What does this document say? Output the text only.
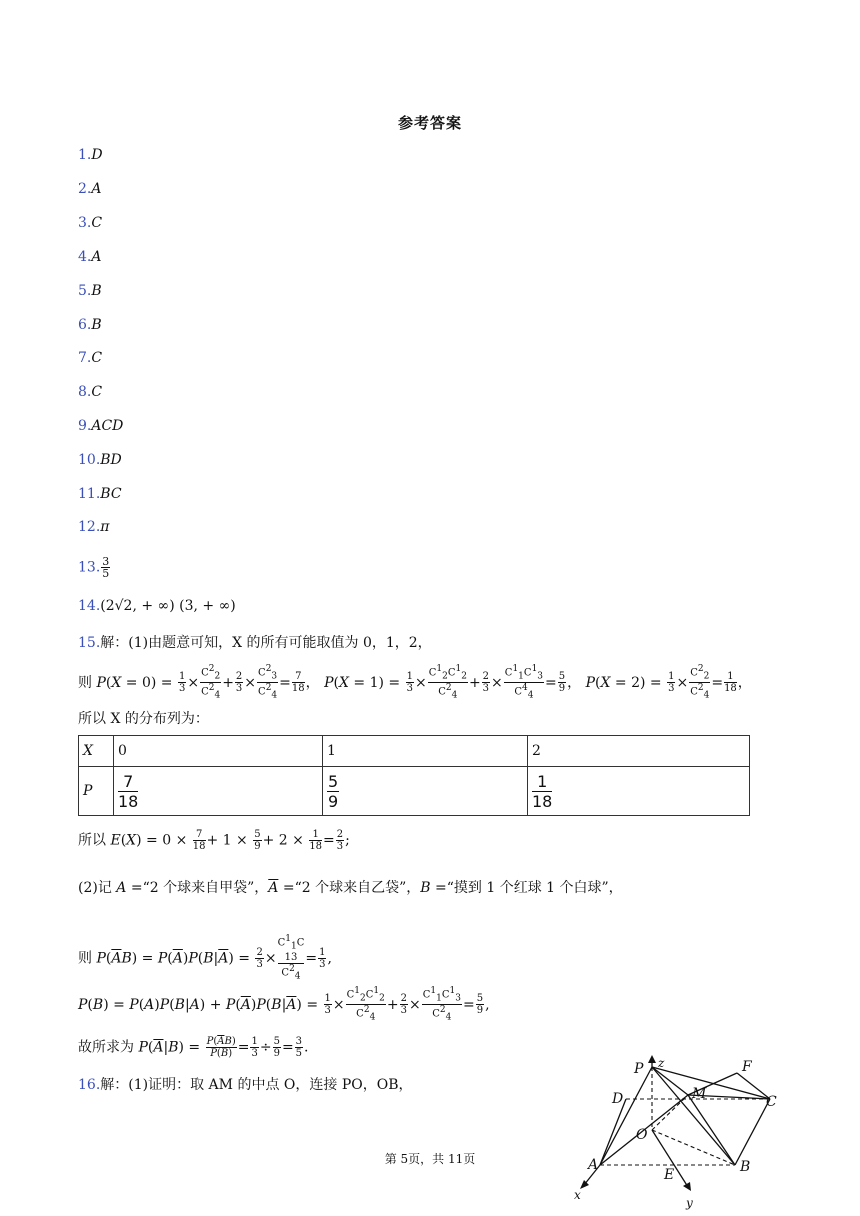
参考答案
1.D
2.A
3.C
4.A
5.B
6.B
7.C
8.C
9.ACD
10.BD
11.BC
12.π
13. $\frac{3}{5}$
14.(2√2, + ∞) (3, + ∞)
15.解：(1)由题意可知，X 的所有可能取值为 0，1，2，
则 $P(X = 0) = \frac{1}{3} \times \frac{C^2_2}{C^2_4} + \frac{2}{3} \times \frac{C^2_3}{C^2_4} = \frac{7}{18}$ ， $P(X = 1) = \frac{1}{3} \times \frac{C^1_2C^1_2}{C^2_4} + \frac{2}{3} \times \frac{C^1_1C^1_3}{C^4_4} = \frac{5}{9}$ ， $P(X = 2) = \frac{1}{3} \times \frac{C^2_2}{C^2_4} = \frac{1}{18}$ ，
所以 X 的分布列为：
X	0	1	2
P	$\frac{7}{18}$	$\frac{5}{9}$	$\frac{1}{18}$
所以 $E(X) = 0 \times \frac{7}{18} + 1 \times \frac{5}{9} + 2 \times \frac{1}{18} = \frac{2}{3}$ ;
(2)记 A =“2 个球来自甲袋”，$\overline{A}$ =“2 个球来自乙袋”，B =“摸到 1 个红球 1 个白球”，
则 $P(\overline{A}B) = P(\overline{A})P(B|\overline{A}) = \frac{2}{3}$ ×
$C^1_1C$
13
$C^2_4$
= $\frac{1}{3}$ ,
$P(B) = P(A)P(B|A) + P(\overline{A})P(B|\overline{A}) = \frac{1}{3} \times \frac{C^1_2C^1_2}{C^2_4} + \frac{2}{3} \times \frac{C^1_1C^1_3}{C^2_4} = \frac{5}{9}$ ,
故所求为 $P(\overline{A}|B) = \frac{P(\overline{A}B)}{P(B)} = \frac{1}{3} \div \frac{5}{9} = \frac{3}{5}$ .
16.解：(1)证明：取 AM 的中点 O，连接 PO，OB，
P z	F
D	M	C
O
A
E	B
x
y
第 5页，共 11页
